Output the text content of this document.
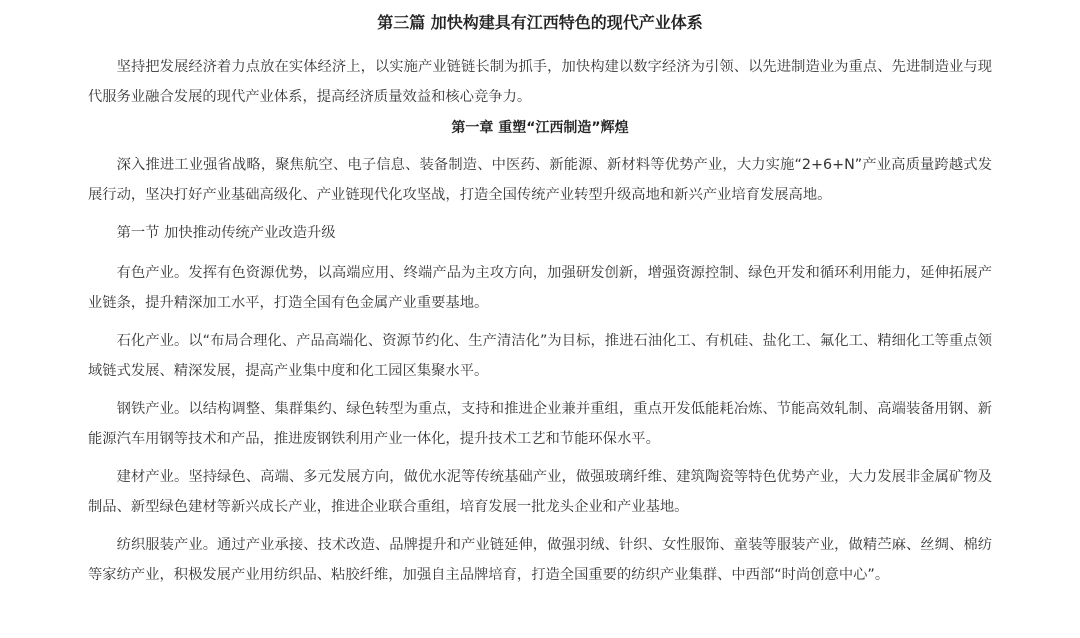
第三篇 加快构建具有江西特色的现代产业体系

坚持把发展经济着力点放在实体经济上，以实施产业链链长制为抓手，加快构建以数字经济为引领、以先进制造业为重点、先进制造业与现代服务业融合发展的现代产业体系，提高经济质量效益和核心竞争力。

第一章 重塑“江西制造”辉煌

深入推进工业强省战略，聚焦航空、电子信息、装备制造、中医药、新能源、新材料等优势产业，大力实施“2+6+N”产业高质量跨越式发展行动，坚决打好产业基础高级化、产业链现代化攻坚战，打造全国传统产业转型升级高地和新兴产业培育发展高地。

第一节 加快推动传统产业改造升级

有色产业。发挥有色资源优势，以高端应用、终端产品为主攻方向，加强研发创新，增强资源控制、绿色开发和循环利用能力，延伸拓展产业链条，提升精深加工水平，打造全国有色金属产业重要基地。

石化产业。以“布局合理化、产品高端化、资源节约化、生产清洁化”为目标，推进石油化工、有机硅、盐化工、氟化工、精细化工等重点领域链式发展、精深发展，提高产业集中度和化工园区集聚水平。

钢铁产业。以结构调整、集群集约、绿色转型为重点，支持和推进企业兼并重组，重点开发低能耗冶炼、节能高效轧制、高端装备用钢、新能源汽车用钢等技术和产品，推进废钢铁利用产业一体化，提升技术工艺和节能环保水平。

建材产业。坚持绿色、高端、多元发展方向，做优水泥等传统基础产业，做强玻璃纤维、建筑陶瓷等特色优势产业，大力发展非金属矿物及制品、新型绿色建材等新兴成长产业，推进企业联合重组，培育发展一批龙头企业和产业基地。

纺织服装产业。通过产业承接、技术改造、品牌提升和产业链延伸，做强羽绒、针织、女性服饰、童装等服装产业，做精苎麻、丝绸、棉纺等家纺产业，积极发展产业用纺织品、粘胶纤维，加强自主品牌培育，打造全国重要的纺织产业集群、中西部“时尚创意中心”。
